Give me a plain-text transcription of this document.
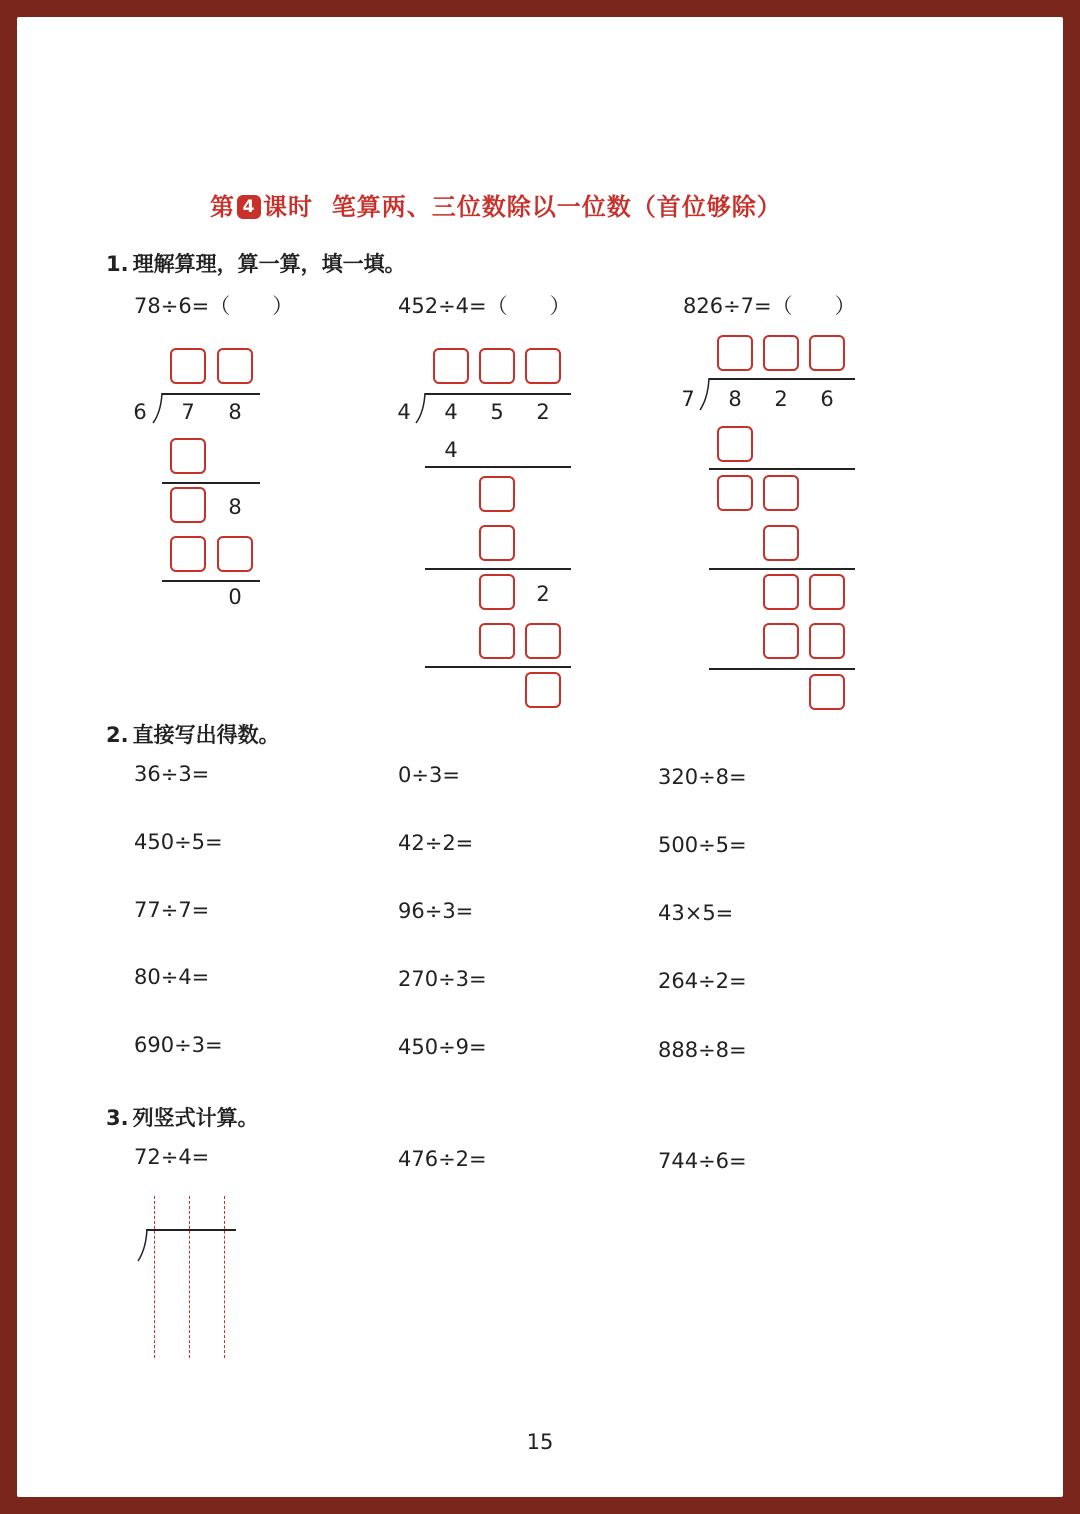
第 4 课时 笔算两、三位数除以一位数（首位够除）
1. 理解算理，算一算，填一填。
78÷6=（　　）	452÷4=（　　）	826÷7=（　　）
6	7	8
8
0
4	4	5	2
4
2
7	8	2	6
2. 直接写出得数。
36÷3=	0÷3=	320÷8=
450÷5=	42÷2=	500÷5=
77÷7=	96÷3=	43×5=
80÷4=	270÷3=	264÷2=
690÷3=	450÷9=	888÷8=
3. 列竖式计算。
72÷4=	476÷2=	744÷6=
15
